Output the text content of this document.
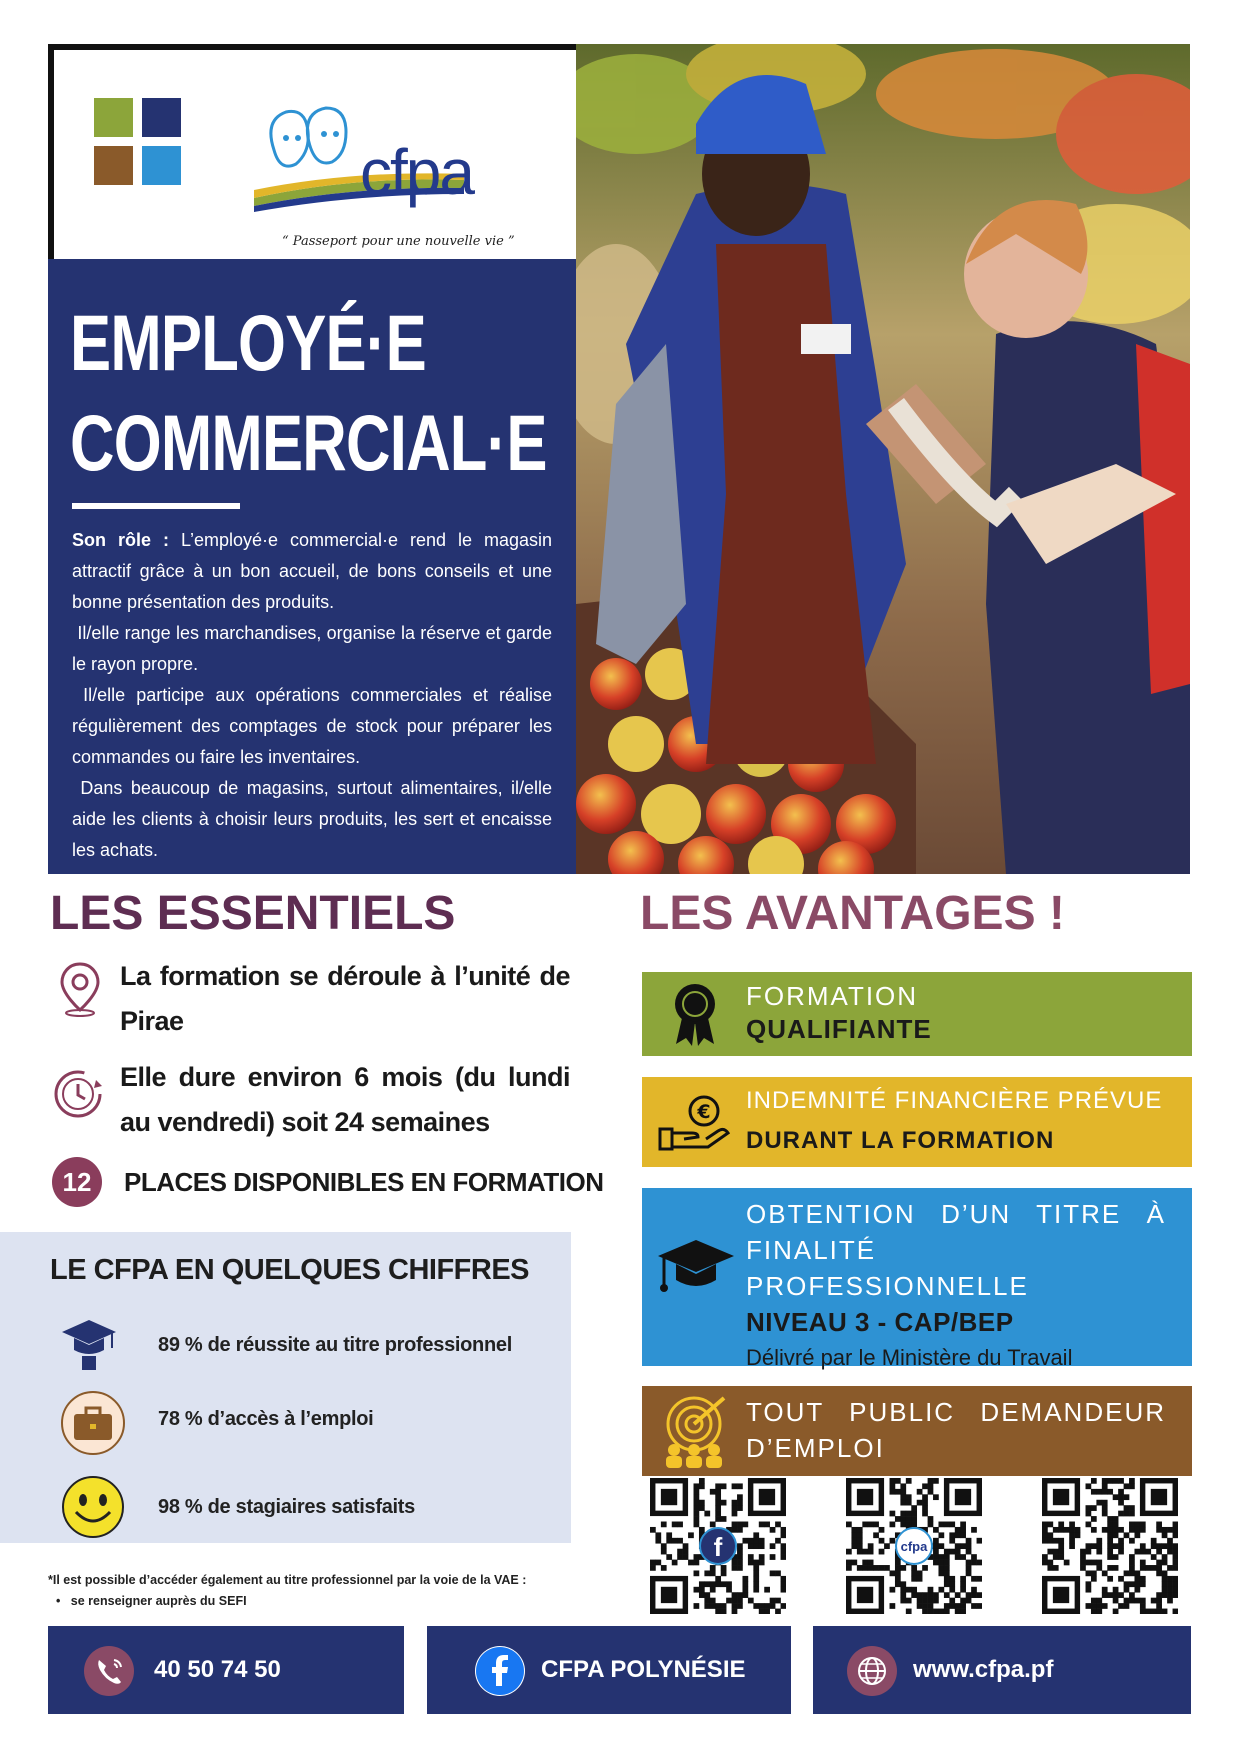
cfpa
“ Passeport pour une nouvelle vie ”
EMPLOYÉ·E
COMMERCIAL·E

Son rôle : L’employé·e commercial·e rend le magasin attractif grâce à un bon accueil, de bons conseils et une bonne présentation des produits.

Il/elle range les marchandises, organise la réserve et garde le rayon propre.

Il/elle participe aux opérations commerciales et réalise régulièrement des comptages de stock pour préparer les commandes ou faire les inventaires.

Dans beaucoup de magasins, surtout alimentaires, il/elle aide les clients à choisir leurs produits, les sert et encaisse les achats.

LES ESSENTIELS
La formation se déroule à l’unité de Pirae
Elle dure environ 6 mois (du lundi au vendredi) soit 24 semaines
12	PLACES DISPONIBLES EN FORMATION
LE CFPA EN QUELQUES CHIFFRES
89 % de réussite au titre professionnel
78 % d’accès à l’emploi
98 % de stagiaires satisfaits
*Il est possible d’accéder également au titre professionnel par la voie de la VAE :
•   se renseigner auprès du SEFI
LES AVANTAGES !
FORMATION
QUALIFIANTE
€ INDEMNITÉ FINANCIÈRE PRÉVUE
DURANT LA FORMATION
OBTENTION D’UN TITRE À FINALITÉ PROFESSIONNELLE
NIVEAU 3 - CAP/BEP
Délivré par le Ministère du Travail
TOUT PUBLIC DEMANDEUR D’EMPLOI
f	cfpa
40 50 74 50	CFPA POLYNÉSIE	www.cfpa.pf
